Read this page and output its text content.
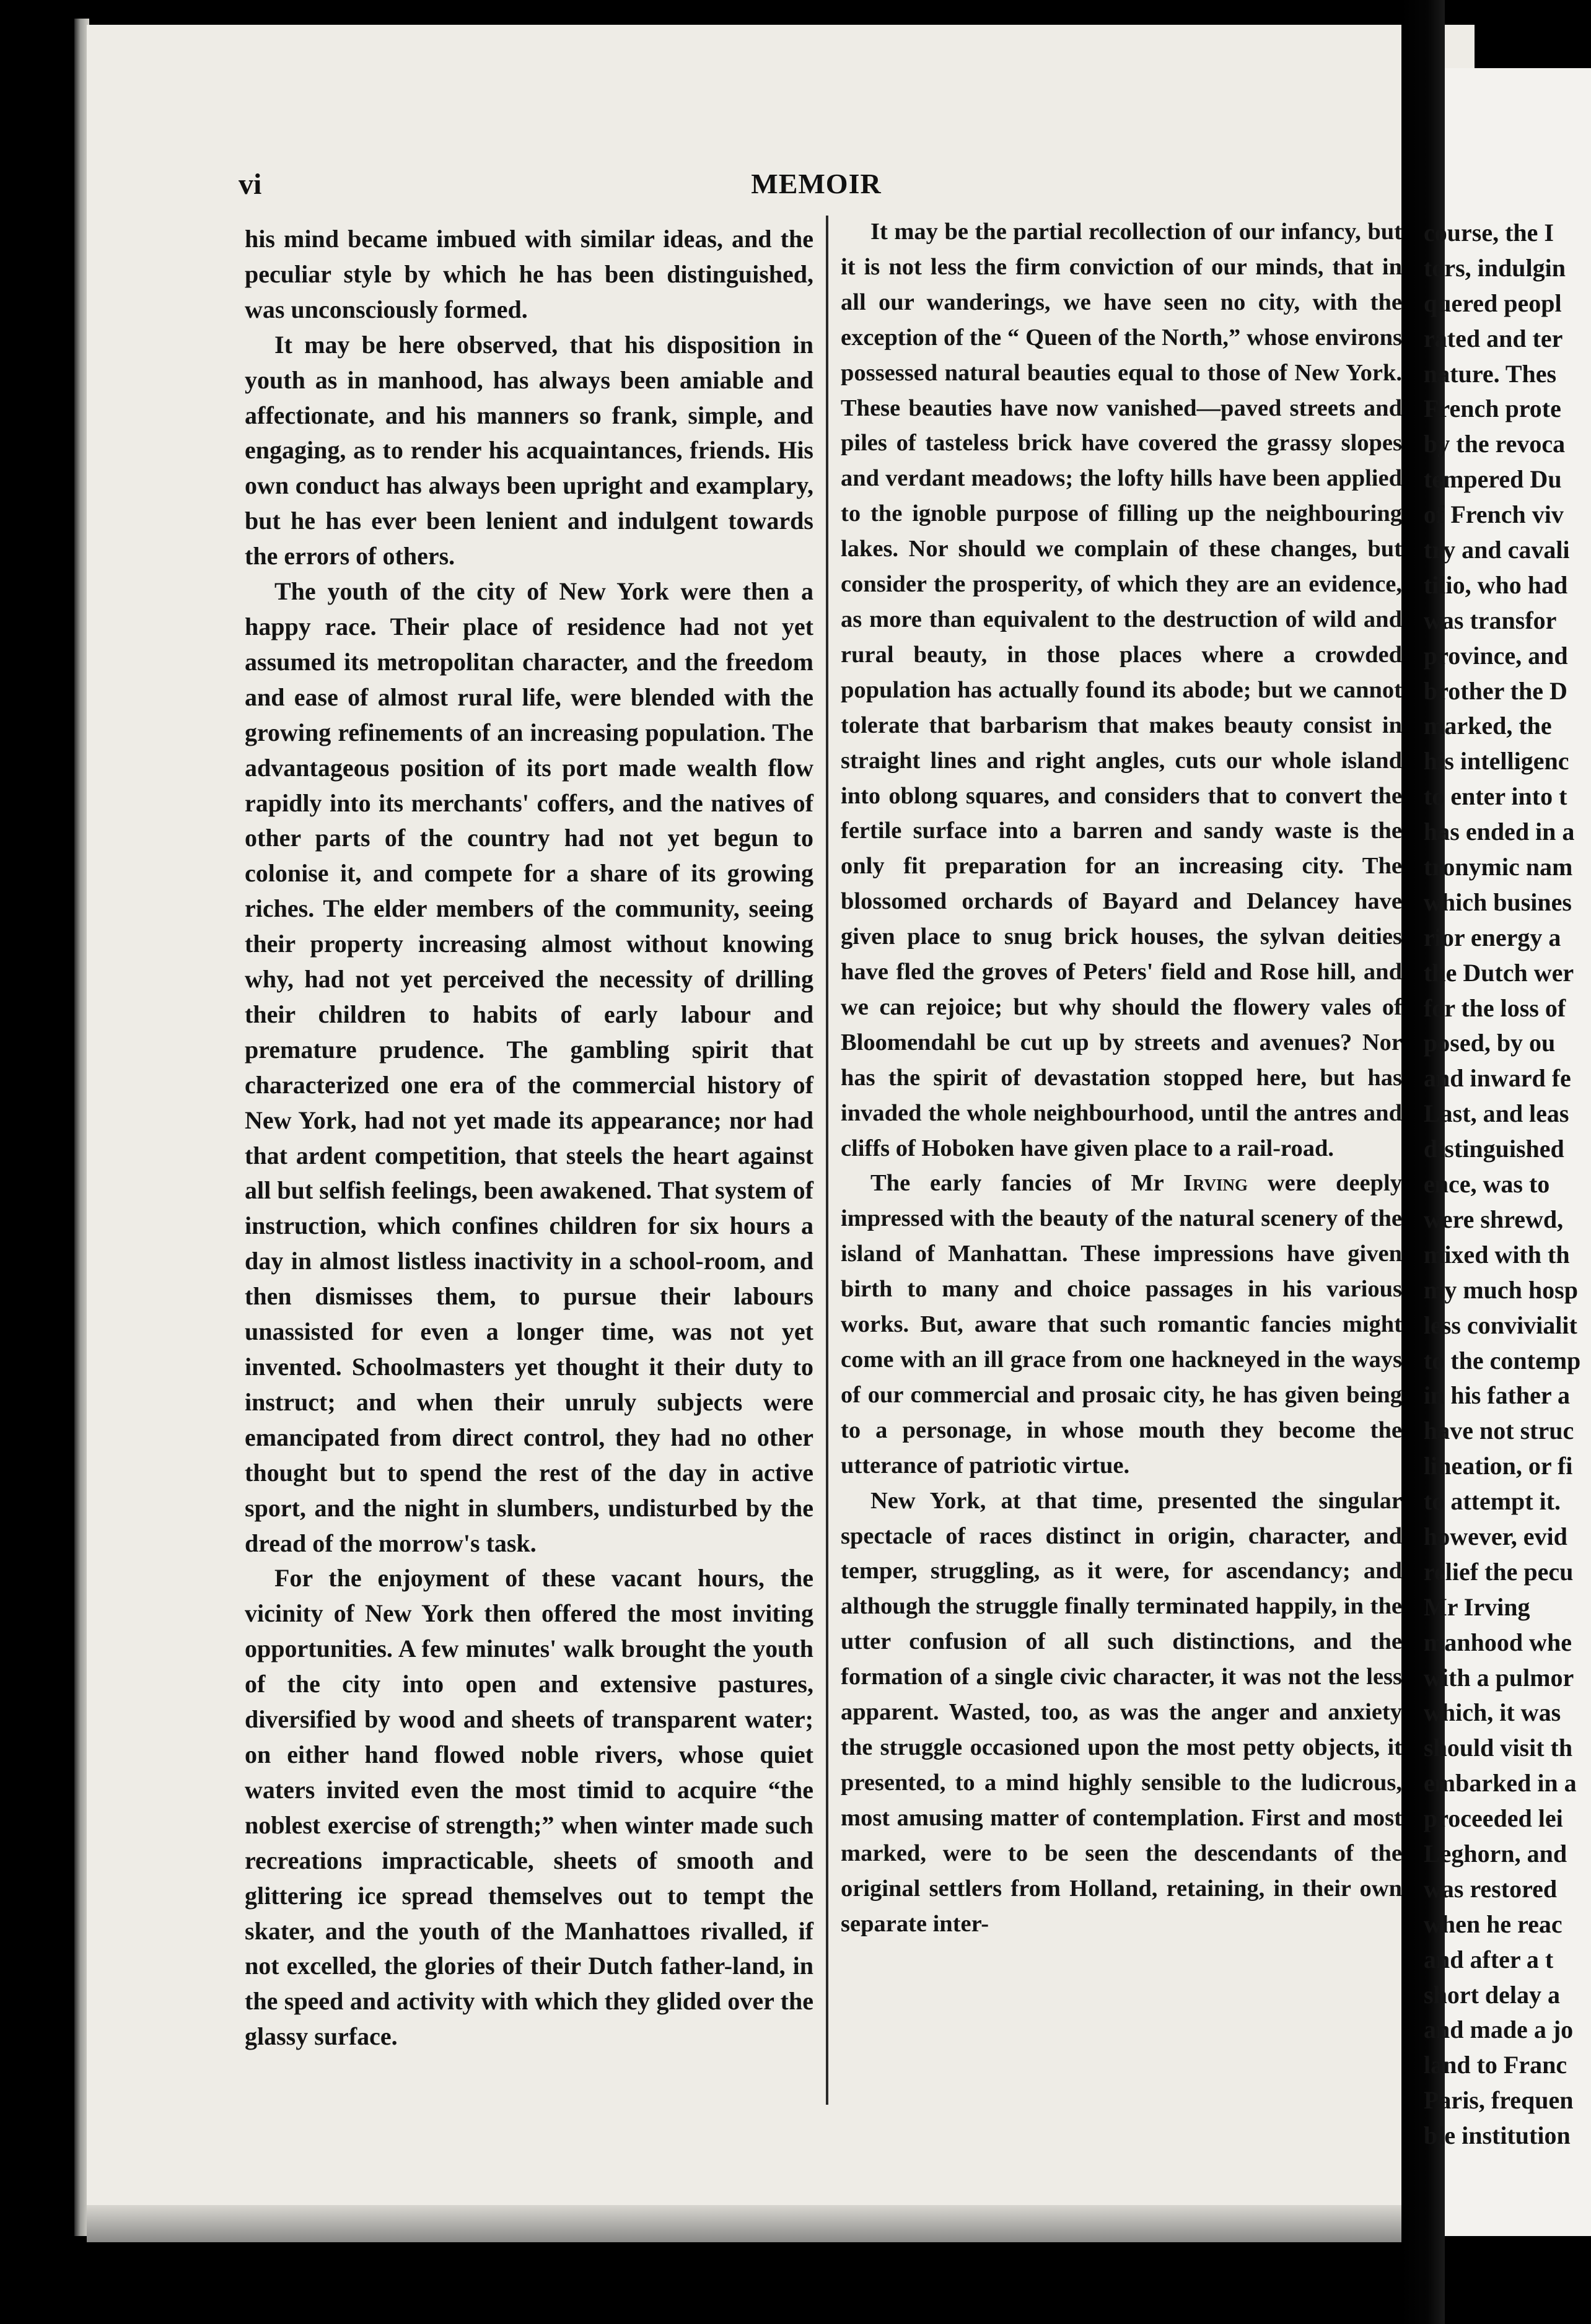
vi	MEMOIR

his mind became imbued with similar ideas, and the peculiar style by which he has been distinguished, was unconsciously formed.

It may be here observed, that his disposition in youth as in manhood, has always been amiable and affectionate, and his manners so frank, simple, and engaging, as to render his acquaintances, friends. His own conduct has always been upright and examplary, but he has ever been lenient and indulgent towards the errors of others.

The youth of the city of New York were then a happy race. Their place of residence had not yet assumed its metropolitan character, and the freedom and ease of almost rural life, were blended with the growing refinements of an increasing population. The advantageous position of its port made wealth flow rapidly into its merchants' coffers, and the natives of other parts of the country had not yet begun to colonise it, and compete for a share of its growing riches. The elder members of the community, seeing their property increasing almost without knowing why, had not yet perceived the necessity of drilling their children to habits of early labour and premature prudence. The gambling spirit that characterized one era of the commercial history of New York, had not yet made its appearance; nor had that ardent competition, that steels the heart against all but selfish feelings, been awakened. That system of instruction, which confines children for six hours a day in almost listless inactivity in a school-room, and then dismisses them, to pursue their labours unassisted for even a longer time, was not yet invented. Schoolmasters yet thought it their duty to instruct; and when their unruly subjects were emancipated from direct control, they had no other thought but to spend the rest of the day in active sport, and the night in slumbers, undisturbed by the dread of the morrow's task.

For the enjoyment of these vacant hours, the vicinity of New York then offered the most inviting opportunities. A few minutes' walk brought the youth of the city into open and extensive pastures, diversified by wood and sheets of transparent water; on either hand flowed noble rivers, whose quiet waters invited even the most timid to acquire “the noblest exercise of strength;” when winter made such recreations impracticable, sheets of smooth and glittering ice spread themselves out to tempt the skater, and the youth of the Manhattoes rivalled, if not excelled, the glories of their Dutch father-land, in the speed and activity with which they glided over the glassy surface.

It may be the partial recollection of our infancy, but it is not less the firm conviction of our minds, that in all our wanderings, we have seen no city, with the exception of the “ Queen of the North,” whose environs possessed natural beauties equal to those of New York. These beauties have now vanished—paved streets and piles of tasteless brick have covered the grassy slopes and verdant meadows; the lofty hills have been applied to the ignoble purpose of filling up the neighbouring lakes. Nor should we complain of these changes, but consider the prosperity, of which they are an evidence, as more than equivalent to the destruction of wild and rural beauty, in those places where a crowded population has actually found its abode; but we cannot tolerate that barbarism that makes beauty consist in straight lines and right angles, cuts our whole island into oblong squares, and considers that to convert the fertile surface into a barren and sandy waste is the only fit preparation for an increasing city. The blossomed orchards of Bayard and Delancey have given place to snug brick houses, the sylvan deities have fled the groves of Peters' field and Rose hill, and we can rejoice; but why should the flowery vales of Bloomendahl be cut up by streets and avenues? Nor has the spirit of devastation stopped here, but has invaded the whole neighbourhood, until the antres and cliffs of Hoboken have given place to a rail-road.

The early fancies of Mr Irving were deeply impressed with the beauty of the natural scenery of the island of Manhattan. These impressions have given birth to many and choice passages in his various works. But, aware that such romantic fancies might come with an ill grace from one hackneyed in the ways of our commercial and prosaic city, he has given being to a personage, in whose mouth they become the utterance of patriotic virtue.

New York, at that time, presented the singular spectacle of races distinct in origin, character, and temper, struggling, as it were, for ascendancy; and although the struggle finally terminated happily, in the utter confusion of all such distinctions, and the formation of a single civic character, it was not the less apparent. Wasted, too, as was the anger and anxiety the struggle occasioned upon the most petty objects, it presented, to a mind highly sensible to the ludicrous, most amusing matter of contemplation. First and most marked, were to be seen the descendants of the original settlers from Holland, retaining, in their own separate inter-

course, the I
tors, indulgin
quered peopl
rated and ter
nature. Thes
French prote
by the revoca
tempered Du
of French viv
try and cavali
tilio, who had
was transfor
province, and
brother the D
marked, the
his intelligenc
to enter into t
has ended in a
tronymic nam
which busines
rior energy a
the Dutch wer
for the loss of
posed, by ou
and inward fe
Last, and leas
distinguished
ence, was to
were shrewd,
mixed with th
my much hosp
less convivialit
to the contemp
in his father a
have not struc
lineation, or fi
to attempt it.
however, evid
relief the pecu
Mr Irving
manhood whe
with a pulmor
which, it was
should visit th
embarked in a
proceeded lei
Leghorn, and
was restored
when he reac
and after a t
short delay a
and made a jo
land to Franc
Paris, frequen
ble institution
